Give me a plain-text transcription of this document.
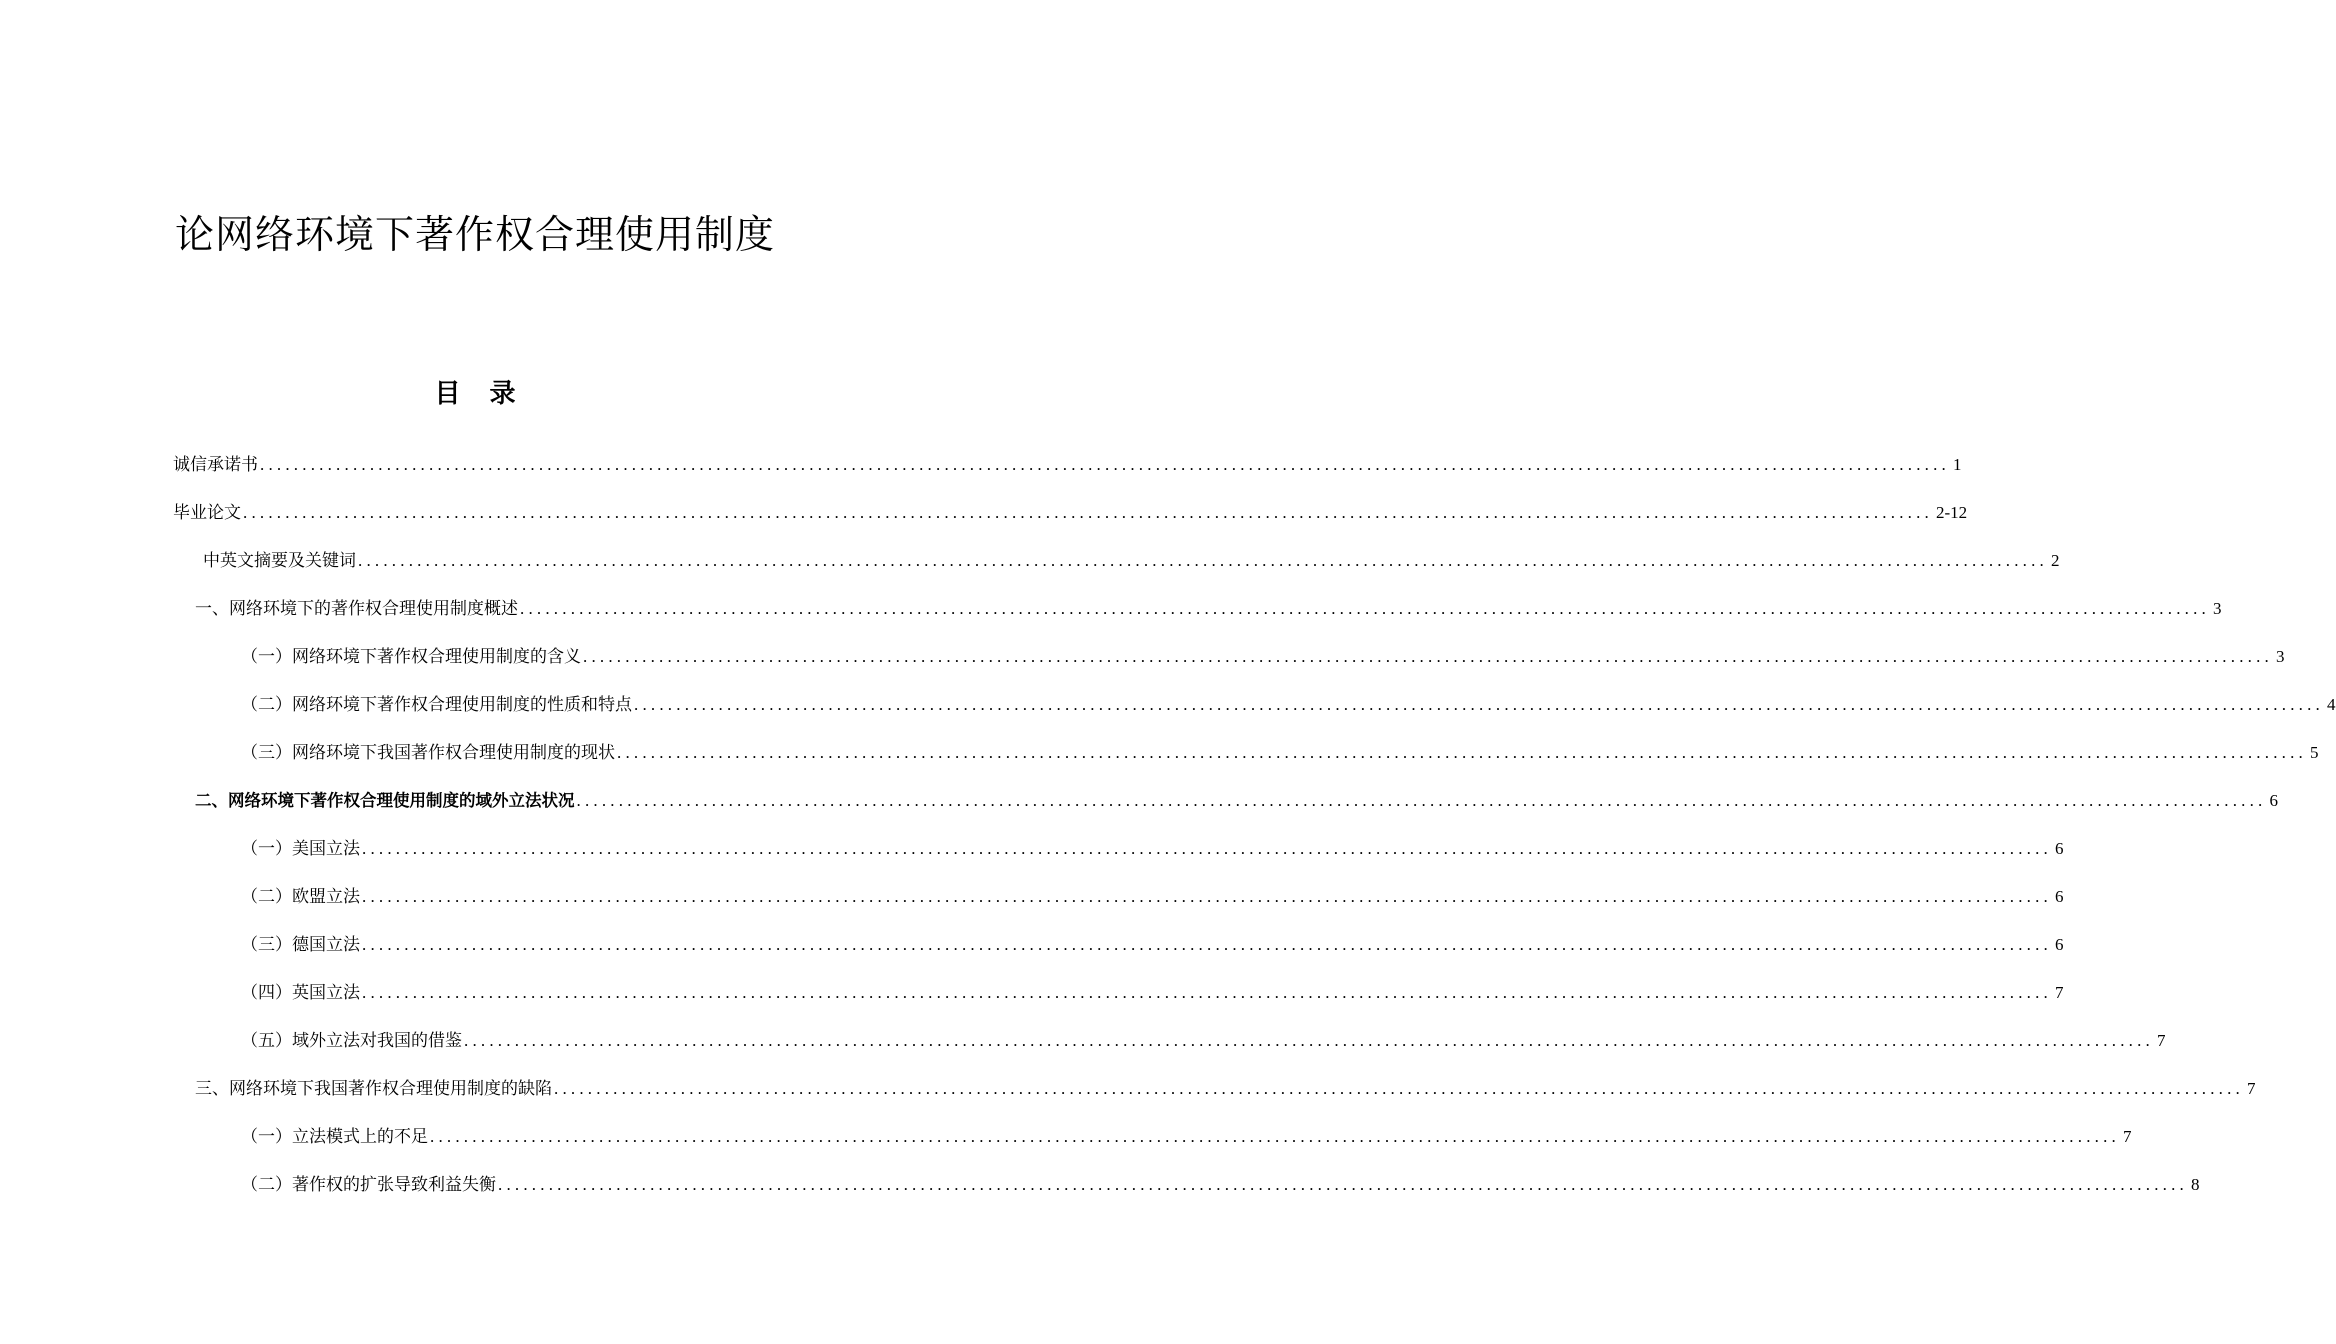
论网络环境下著作权合理使用制度
目 录
诚信承诺书 ........................................................................................................................................................................................................ 1
毕业论文 ........................................................................................................................................................................................................ 2-12
中英文摘要及关键词 ........................................................................................................................................................................................................ 2
一、网络环境下的著作权合理使用制度概述 ........................................................................................................................................................................................................ 3
（一）网络环境下著作权合理使用制度的含义 ........................................................................................................................................................................................................ 3
（二）网络环境下著作权合理使用制度的性质和特点 ........................................................................................................................................................................................................ 4
（三）网络环境下我国著作权合理使用制度的现状 ........................................................................................................................................................................................................ 5
二、网络环境下著作权合理使用制度的域外立法状况 ........................................................................................................................................................................................................ 6
（一）美国立法 ........................................................................................................................................................................................................ 6
（二）欧盟立法 ........................................................................................................................................................................................................ 6
（三）德国立法 ........................................................................................................................................................................................................ 6
（四）英国立法 ........................................................................................................................................................................................................ 7
（五）域外立法对我国的借鉴 ........................................................................................................................................................................................................ 7
三、网络环境下我国著作权合理使用制度的缺陷 ........................................................................................................................................................................................................ 7
（一）立法模式上的不足 ........................................................................................................................................................................................................ 7
（二）著作权的扩张导致利益失衡 ........................................................................................................................................................................................................ 8
